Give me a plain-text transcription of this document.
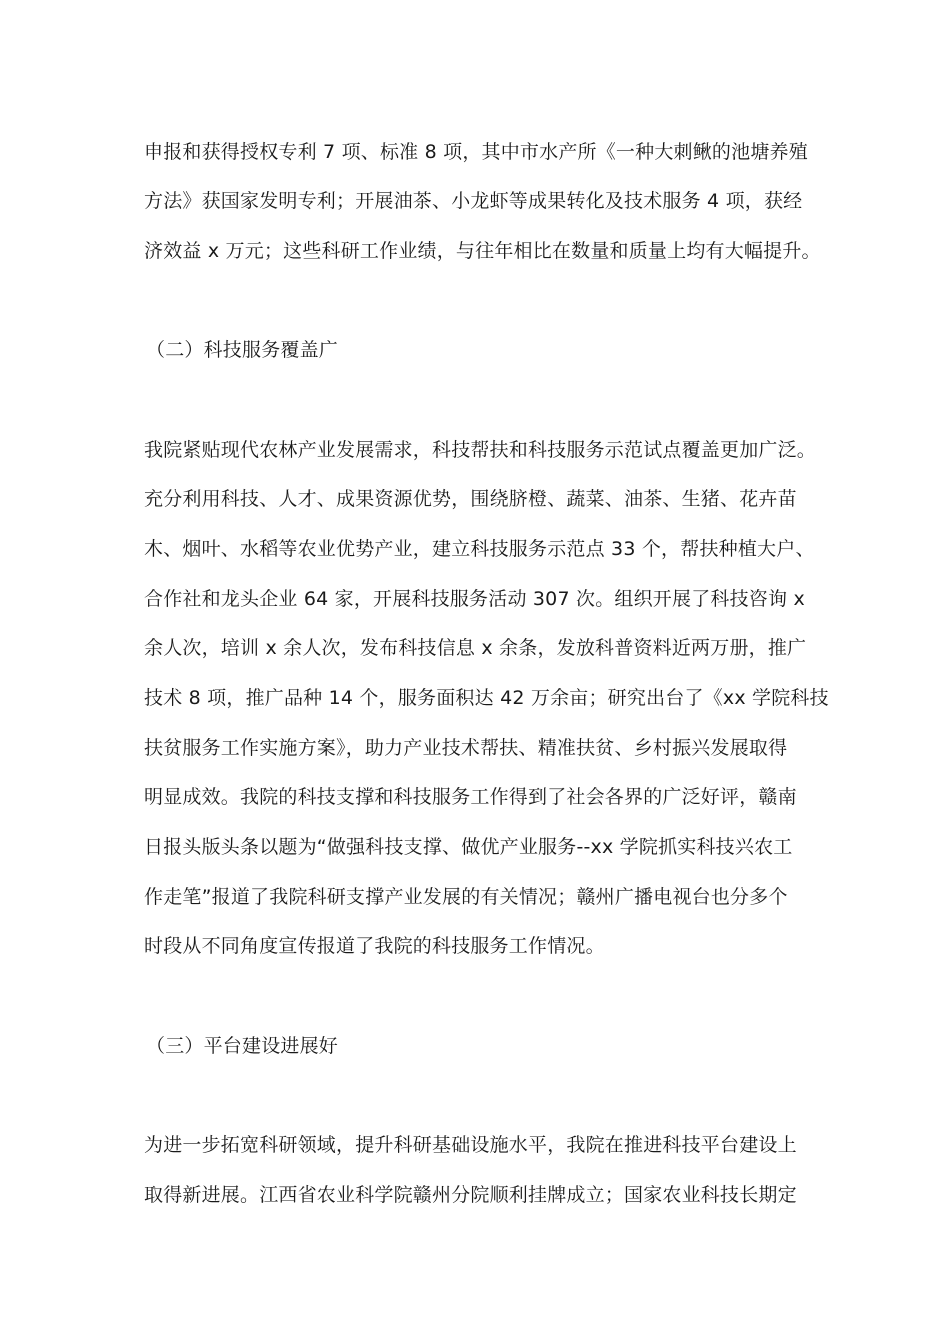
申报和获得授权专利 7 项、标准 8 项，其中市水产所《一种大刺鳅的池塘养殖
方法》获国家发明专利；开展油茶、小龙虾等成果转化及技术服务 4 项，获经
济效益 x 万元；这些科研工作业绩，与往年相比在数量和质量上均有大幅提升。
（二）科技服务覆盖广
我院紧贴现代农林产业发展需求，科技帮扶和科技服务示范试点覆盖更加广泛。
充分利用科技、人才、成果资源优势，围绕脐橙、蔬菜、油茶、生猪、花卉苗
木、烟叶、水稻等农业优势产业，建立科技服务示范点 33 个，帮扶种植大户、
合作社和龙头企业 64 家，开展科技服务活动 307 次。组织开展了科技咨询 x
余人次，培训 x 余人次，发布科技信息 x 余条，发放科普资料近两万册，推广
技术 8 项，推广品种 14 个，服务面积达 42 万余亩；研究出台了《xx 学院科技
扶贫服务工作实施方案》，助力产业技术帮扶、精准扶贫、乡村振兴发展取得
明显成效。我院的科技支撑和科技服务工作得到了社会各界的广泛好评，赣南
日报头版头条以题为“做强科技支撑、做优产业服务--xx 学院抓实科技兴农工
作走笔”报道了我院科研支撑产业发展的有关情况；赣州广播电视台也分多个
时段从不同角度宣传报道了我院的科技服务工作情况。
（三）平台建设进展好
为进一步拓宽科研领域，提升科研基础设施水平，我院在推进科技平台建设上
取得新进展。江西省农业科学院赣州分院顺利挂牌成立；国家农业科技长期定
